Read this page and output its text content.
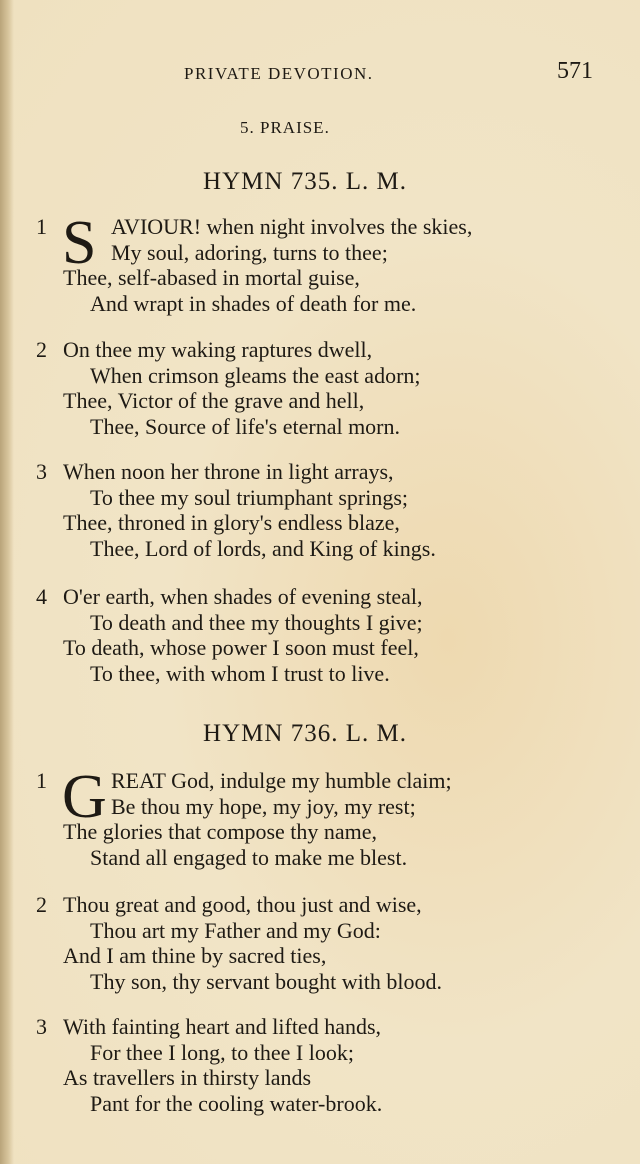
PRIVATE DEVOTION.	571
5. PRAISE.
HYMN 735. L. M.
1 S AVIOUR! when night involves the skies,
My soul, adoring, turns to thee;
Thee, self-abased in mortal guise,
And wrapt in shades of death for me.
2 On thee my waking raptures dwell,
When crimson gleams the east adorn;
Thee, Victor of the grave and hell,
Thee, Source of life's eternal morn.
3 When noon her throne in light arrays,
To thee my soul triumphant springs;
Thee, throned in glory's endless blaze,
Thee, Lord of lords, and King of kings.
4 O'er earth, when shades of evening steal,
To death and thee my thoughts I give;
To death, whose power I soon must feel,
To thee, with whom I trust to live.
HYMN 736. L. M.
1 G REAT God, indulge my humble claim;
Be thou my hope, my joy, my rest;
The glories that compose thy name,
Stand all engaged to make me blest.
2 Thou great and good, thou just and wise,
Thou art my Father and my God:
And I am thine by sacred ties,
Thy son, thy servant bought with blood.
3 With fainting heart and lifted hands,
For thee I long, to thee I look;
As travellers in thirsty lands
Pant for the cooling water-brook.
